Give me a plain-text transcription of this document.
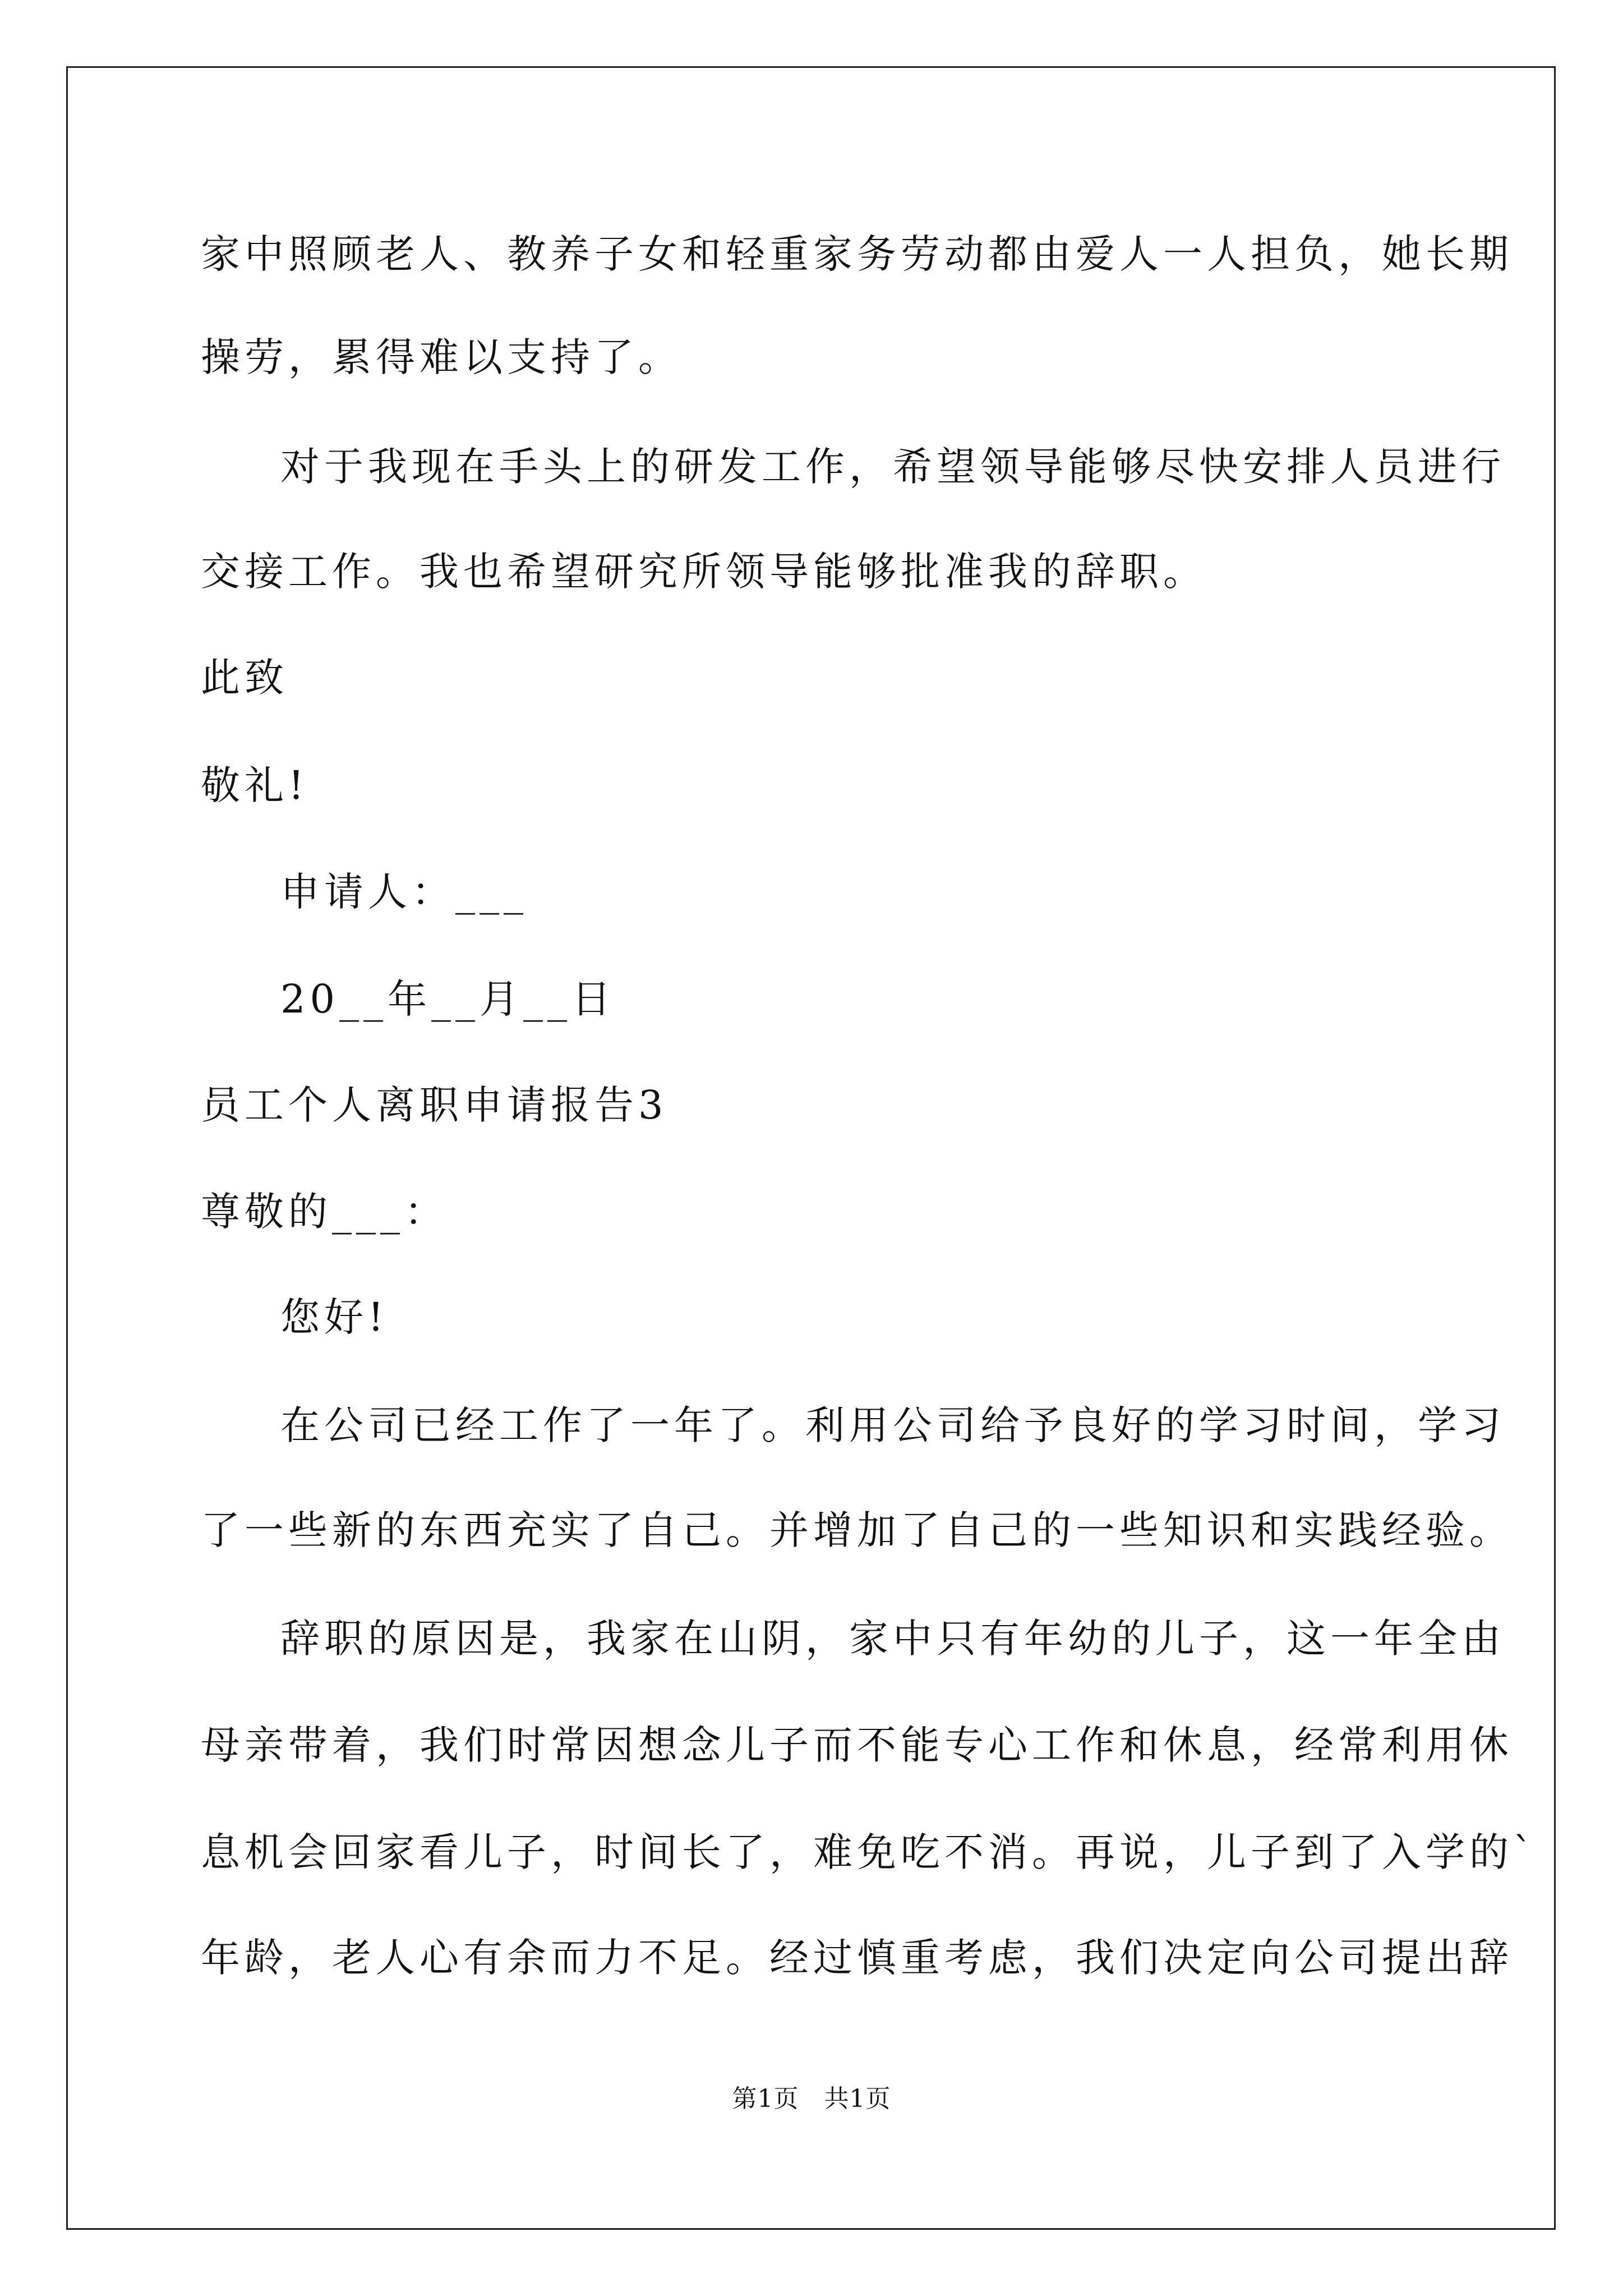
家中照顾老人、教养子女和轻重家务劳动都由爱人一人担负，她长期
操劳，累得难以支持了。
对于我现在手头上的研发工作，希望领导能够尽快安排人员进行
交接工作。我也希望研究所领导能够批准我的辞职。
此致
敬礼!
申请人：___
20__年__月__日
员工个人离职申请报告3
尊敬的___：
您好!
在公司已经工作了一年了。利用公司给予良好的学习时间，学习
了一些新的东西充实了自己。并增加了自己的一些知识和实践经验。
辞职的原因是，我家在山阴，家中只有年幼的儿子，这一年全由
母亲带着，我们时常因想念儿子而不能专心工作和休息，经常利用休
息机会回家看儿子，时间长了，难免吃不消。再说，儿子到了入学的`
年龄，老人心有余而力不足。经过慎重考虑，我们决定向公司提出辞
第1页　共1页
